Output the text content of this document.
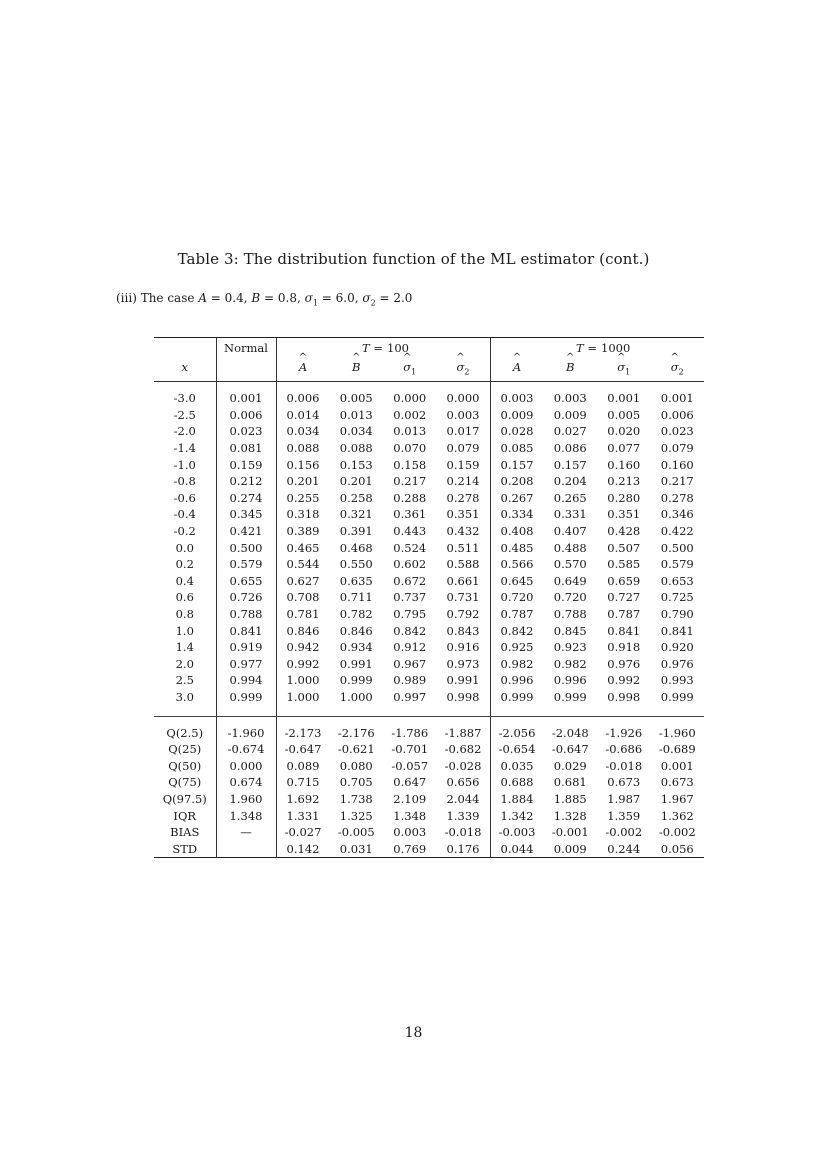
Table 3: The distribution function of the ML estimator (cont.)
(iii) The case A = 0.4, B = 0.8, $\sigma_1 = 6.0$, $\sigma_2 = 2.0$
	Normal		T =	100			T =	1000	
x		^ A	^ B	^ $\sigma_1$	^ $\sigma_2$	^ A	^ B	^ $\sigma_1$	^ $\sigma_2$

-3.0	0.001	0.006	0.005	0.000	0.000	0.003	0.003	0.001	0.001
-2.5	0.006	0.014	0.013	0.002	0.003	0.009	0.009	0.005	0.006
-2.0	0.023	0.034	0.034	0.013	0.017	0.028	0.027	0.020	0.023
-1.4	0.081	0.088	0.088	0.070	0.079	0.085	0.086	0.077	0.079
-1.0	0.159	0.156	0.153	0.158	0.159	0.157	0.157	0.160	0.160
-0.8	0.212	0.201	0.201	0.217	0.214	0.208	0.204	0.213	0.217
-0.6	0.274	0.255	0.258	0.288	0.278	0.267	0.265	0.280	0.278
-0.4	0.345	0.318	0.321	0.361	0.351	0.334	0.331	0.351	0.346
-0.2	0.421	0.389	0.391	0.443	0.432	0.408	0.407	0.428	0.422
0.0	0.500	0.465	0.468	0.524	0.511	0.485	0.488	0.507	0.500
0.2	0.579	0.544	0.550	0.602	0.588	0.566	0.570	0.585	0.579
0.4	0.655	0.627	0.635	0.672	0.661	0.645	0.649	0.659	0.653
0.6	0.726	0.708	0.711	0.737	0.731	0.720	0.720	0.727	0.725
0.8	0.788	0.781	0.782	0.795	0.792	0.787	0.788	0.787	0.790
1.0	0.841	0.846	0.846	0.842	0.843	0.842	0.845	0.841	0.841
1.4	0.919	0.942	0.934	0.912	0.916	0.925	0.923	0.918	0.920
2.0	0.977	0.992	0.991	0.967	0.973	0.982	0.982	0.976	0.976
2.5	0.994	1.000	0.999	0.989	0.991	0.996	0.996	0.992	0.993
3.0	0.999	1.000	1.000	0.997	0.998	0.999	0.999	0.998	0.999

Q(2.5)	-1.960	-2.173	-2.176	-1.786	-1.887	-2.056	-2.048	-1.926	-1.960
Q(25)	-0.674	-0.647	-0.621	-0.701	-0.682	-0.654	-0.647	-0.686	-0.689
Q(50)	0.000	0.089	0.080	-0.057	-0.028	0.035	0.029	-0.018	0.001
Q(75)	0.674	0.715	0.705	0.647	0.656	0.688	0.681	0.673	0.673
Q(97.5)	1.960	1.692	1.738	2.109	2.044	1.884	1.885	1.987	1.967
IQR	1.348	1.331	1.325	1.348	1.339	1.342	1.328	1.359	1.362
BIAS	—	-0.027	-0.005	0.003	-0.018	-0.003	-0.001	-0.002	-0.002
STD		0.142	0.031	0.769	0.176	0.044	0.009	0.244	0.056
18
